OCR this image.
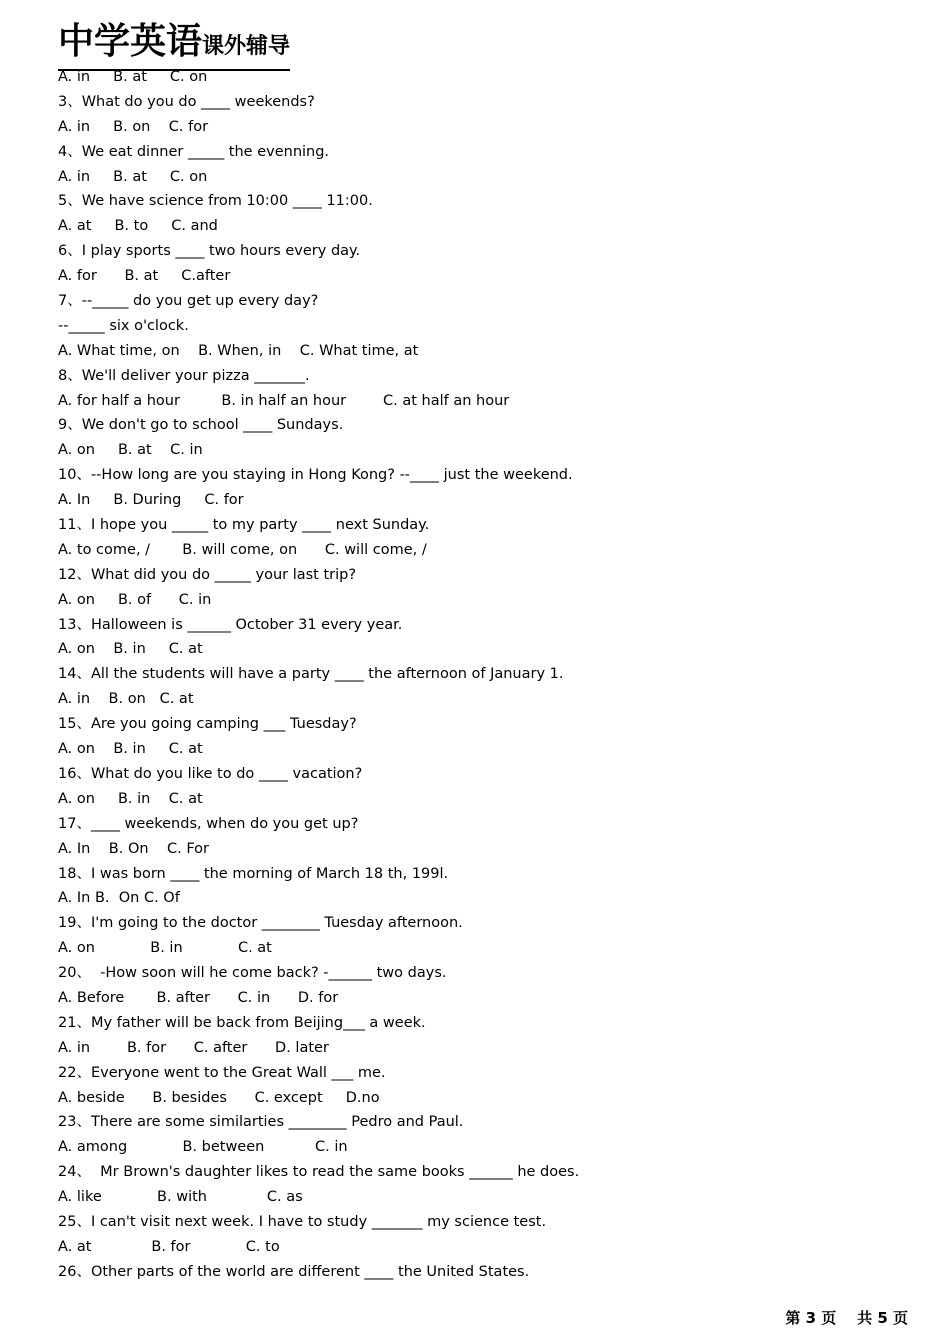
中学英语课外辅导
A. in     B. at     C. on
3、What do you do ____ weekends?
A. in     B. on    C. for
4、We eat dinner _____ the evenning.
A. in     B. at     C. on
5、We have science from 10:00 ____ 11:00.
A. at     B. to     C. and
6、I play sports ____ two hours every day.
A. for      B. at     C.after
7、--_____ do you get up every day?
--_____ six o'clock.
A. What time, on    B. When, in    C. What time, at
8、We'll deliver your pizza _______.
A. for half a hour         B. in half an hour        C. at half an hour
9、We don't go to school ____ Sundays.
A. on     B. at    C. in
10、--How long are you staying in Hong Kong? --____ just the weekend.
A. In     B. During     C. for
11、I hope you _____ to my party ____ next Sunday.
A. to come, /       B. will come, on      C. will come, /
12、What did you do _____ your last trip?
A. on     B. of      C. in
13、Halloween is ______ October 31 every year.
A. on    B. in     C. at
14、All the students will have a party ____ the afternoon of January 1.
A. in    B. on   C. at
15、Are you going camping ___ Tuesday?
A. on    B. in     C. at
16、What do you like to do ____ vacation?
A. on     B. in    C. at
17、____ weekends, when do you get up?
A. In    B. On    C. For
18、I was born ____ the morning of March 18 th, 199l.
A. In B.  On C. Of
19、I'm going to the doctor ________ Tuesday afternoon.
A. on            B. in            C. at
20、  -How soon will he come back? -______ two days.
A. Before       B. after      C. in      D. for
21、My father will be back from Beijing___ a week.
A. in        B. for      C. after      D. later
22、Everyone went to the Great Wall ___ me.
A. beside      B. besides      C. except     D.no
23、There are some similarties ________ Pedro and Paul.
A. among            B. between           C. in
24、  Mr Brown's daughter likes to read the same books ______ he does.
A. like            B. with             C. as
25、I can't visit next week. I have to study _______ my science test.
A. at             B. for            C. to
26、Other parts of the world are different ____ the United States.
第 3 页    共 5 页
